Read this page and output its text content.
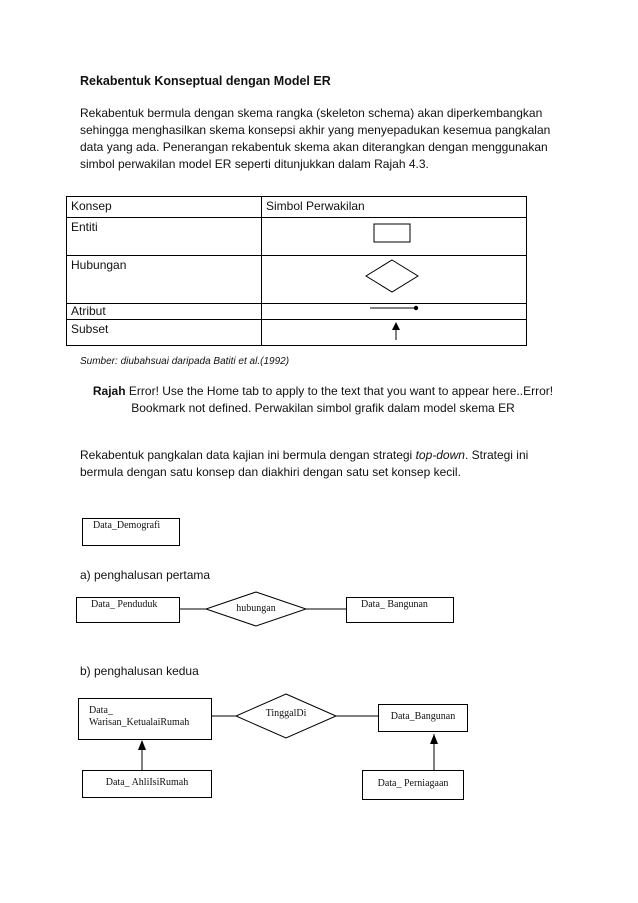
Rekabentuk Konseptual dengan Model ER
Rekabentuk bermula dengan skema rangka (skeleton schema) akan diperkembangkan sehingga menghasilkan skema konsepsi akhir yang menyepadukan kesemua pangkalan data yang ada. Penerangan rekabentuk skema akan diterangkan dengan menggunakan simbol perwakilan model ER seperti ditunjukkan dalam Rajah 4.3.
Konsep	Simbol Perwakilan
Entiti	
Hubungan	
Atribut	
Subset	
Sumber: diubahsuai daripada Batiti et al.(1992)
Rajah Error! Use the Home tab to apply to the text that you want to appear here..Error! Bookmark not defined. Perwakilan simbol grafik dalam model skema ER
Rekabentuk pangkalan data kajian ini bermula dengan strategi top-down. Strategi ini bermula dengan satu konsep dan diakhiri dengan satu set konsep kecil.
Data_Demografi
a) penghalusan pertama
Data_ Penduduk	hubungan	Data_ Bangunan
b) penghalusan kedua
Data_ Warisan_KetualaiRumah
TinggalDi	Data_Bangunan
Data_ AhliIsiRumah	Data_ Perniagaan
